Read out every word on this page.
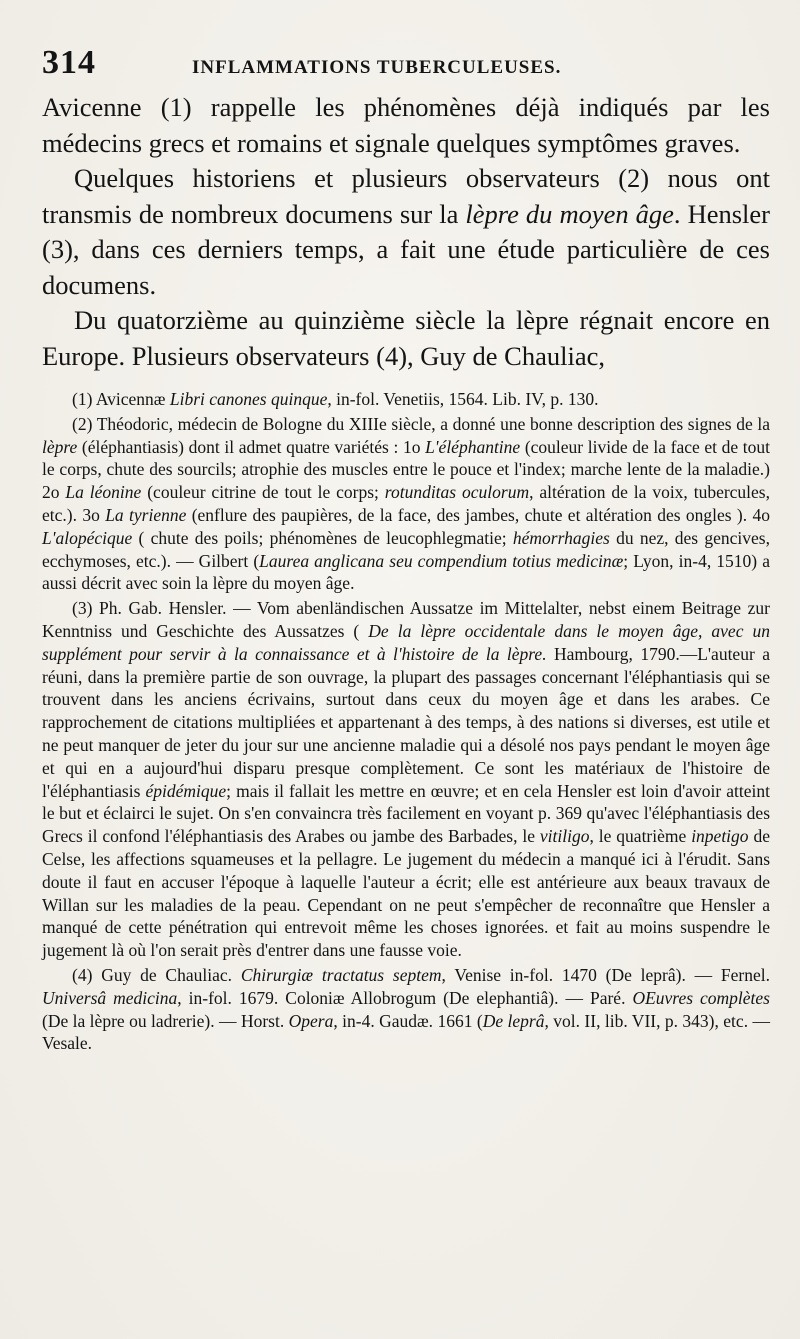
314	INFLAMMATIONS TUBERCULEUSES.

Avicenne (1) rappelle les phénomènes déjà indiqués par les médecins grecs et romains et signale quelques symptômes graves.

Quelques historiens et plusieurs observateurs (2) nous ont transmis de nombreux documens sur la lèpre du moyen âge. Hensler (3), dans ces derniers temps, a fait une étude particulière de ces documens.

Du quatorzième au quinzième siècle la lèpre régnait encore en Europe. Plusieurs observateurs (4), Guy de Chauliac,

(1) Avicennæ Libri canones quinque, in-fol. Venetiis, 1564. Lib. IV, p. 130.

(2) Théodoric, médecin de Bologne du XIIIe siècle, a donné une bonne description des signes de la lèpre (éléphantiasis) dont il admet quatre variétés : 1o L'éléphantine (couleur livide de la face et de tout le corps, chute des sourcils; atrophie des muscles entre le pouce et l'index; marche lente de la maladie.) 2o La léonine (couleur citrine de tout le corps; rotunditas oculorum, altération de la voix, tubercules, etc.). 3o La tyrienne (enflure des paupières, de la face, des jambes, chute et altération des ongles ). 4o L'alopécique ( chute des poils; phénomènes de leucophlegmatie; hémorrhagies du nez, des gencives, ecchymoses, etc.). — Gilbert (Laurea anglicana seu compendium totius medicinæ; Lyon, in-4, 1510) a aussi décrit avec soin la lèpre du moyen âge.

(3) Ph. Gab. Hensler. — Vom abenländischen Aussatze im Mittelalter, nebst einem Beitrage zur Kenntniss und Geschichte des Aussatzes ( De la lèpre occidentale dans le moyen âge, avec un supplément pour servir à la connaissance et à l'histoire de la lèpre. Hambourg, 1790.—L'auteur a réuni, dans la première partie de son ouvrage, la plupart des passages concernant l'éléphantiasis qui se trouvent dans les anciens écrivains, surtout dans ceux du moyen âge et dans les arabes. Ce rapprochement de citations multipliées et appartenant à des temps, à des nations si diverses, est utile et ne peut manquer de jeter du jour sur une ancienne maladie qui a désolé nos pays pendant le moyen âge et qui en a aujourd'hui disparu presque complètement. Ce sont les matériaux de l'histoire de l'éléphantiasis épidémique; mais il fallait les mettre en œuvre; et en cela Hensler est loin d'avoir atteint le but et éclairci le sujet. On s'en convaincra très facilement en voyant p. 369 qu'avec l'éléphantiasis des Grecs il confond l'éléphantiasis des Arabes ou jambe des Barbades, le vitiligo, le quatrième inpetigo de Celse, les affections squameuses et la pellagre. Le jugement du médecin a manqué ici à l'érudit. Sans doute il faut en accuser l'époque à laquelle l'auteur a écrit; elle est antérieure aux beaux travaux de Willan sur les maladies de la peau. Cependant on ne peut s'empêcher de reconnaître que Hensler a manqué de cette pénétration qui entrevoit même les choses ignorées. et fait au moins suspendre le jugement là où l'on serait près d'entrer dans une fausse voie.

(4) Guy de Chauliac. Chirurgiæ tractatus septem, Venise in-fol. 1470 (De leprâ). — Fernel. Universâ medicina, in-fol. 1679. Coloniæ Allobrogum (De elephantiâ). — Paré. OEuvres complètes (De la lèpre ou ladrerie). — Horst. Opera, in-4. Gaudæ. 1661 (De leprâ, vol. II, lib. VII, p. 343), etc. — Vesale.
